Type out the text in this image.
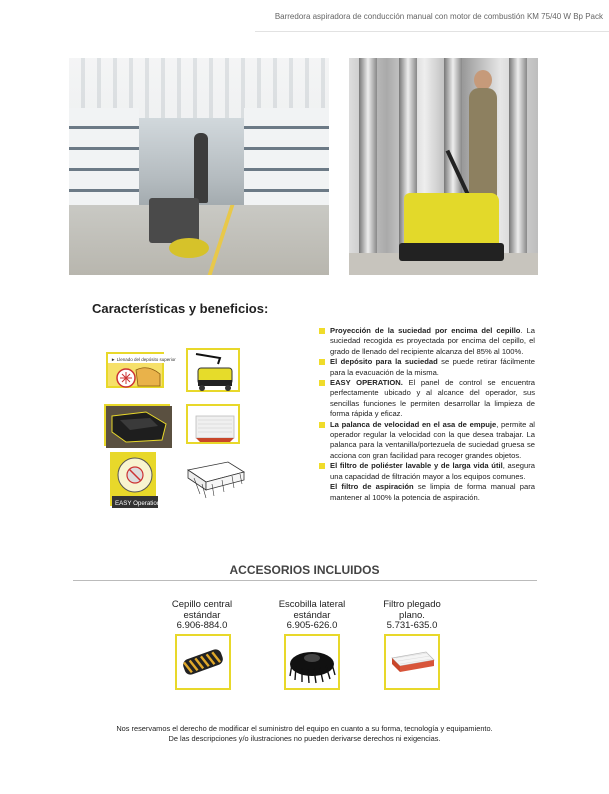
Barredora aspiradora de conducción manual con motor de combustión KM 75/40 W Bp Pack
Características y beneficios:
► Llenado del depósito superior
EASY Operation
Proyección de la suciedad por encima del cepillo. La suciedad recogida es proyectada por encima del cepillo, el grado de llenado del recipiente alcanza del 85% al 100%.
El depósito para la suciedad se puede retirar fácilmente para la evacuación de la misma.
EASY OPERATION. El panel de control se encuentra perfectamente ubicado y al alcance del operador, sus sencillas funciones le permiten desarrollar la limpieza de forma rápida y eficaz.
La palanca de velocidad en el asa de empuje, permite al operador regular la velocidad con la que desea trabajar. La palanca para la ventanilla/portezuela de suciedad gruesa se acciona con gran facilidad para recoger grandes objetos.
El filtro de poliéster lavable y de larga vida útil, asegura una capacidad de filtración mayor a los equipos comunes.
El filtro de aspiración se limpia de forma manual para mantener al 100% la potencia de aspiración.
ACCESORIOS INCLUIDOS
Cepillo central estándar
6.906-884.0
Escobilla lateral estándar
6.905-626.0
Filtro plegado plano.
5.731-635.0
Nos reservamos el derecho de modificar el suministro del equipo en cuanto a su forma, tecnología y equipamiento.
De las descripciones y/o ilustraciones no pueden derivarse derechos ni exigencias.
